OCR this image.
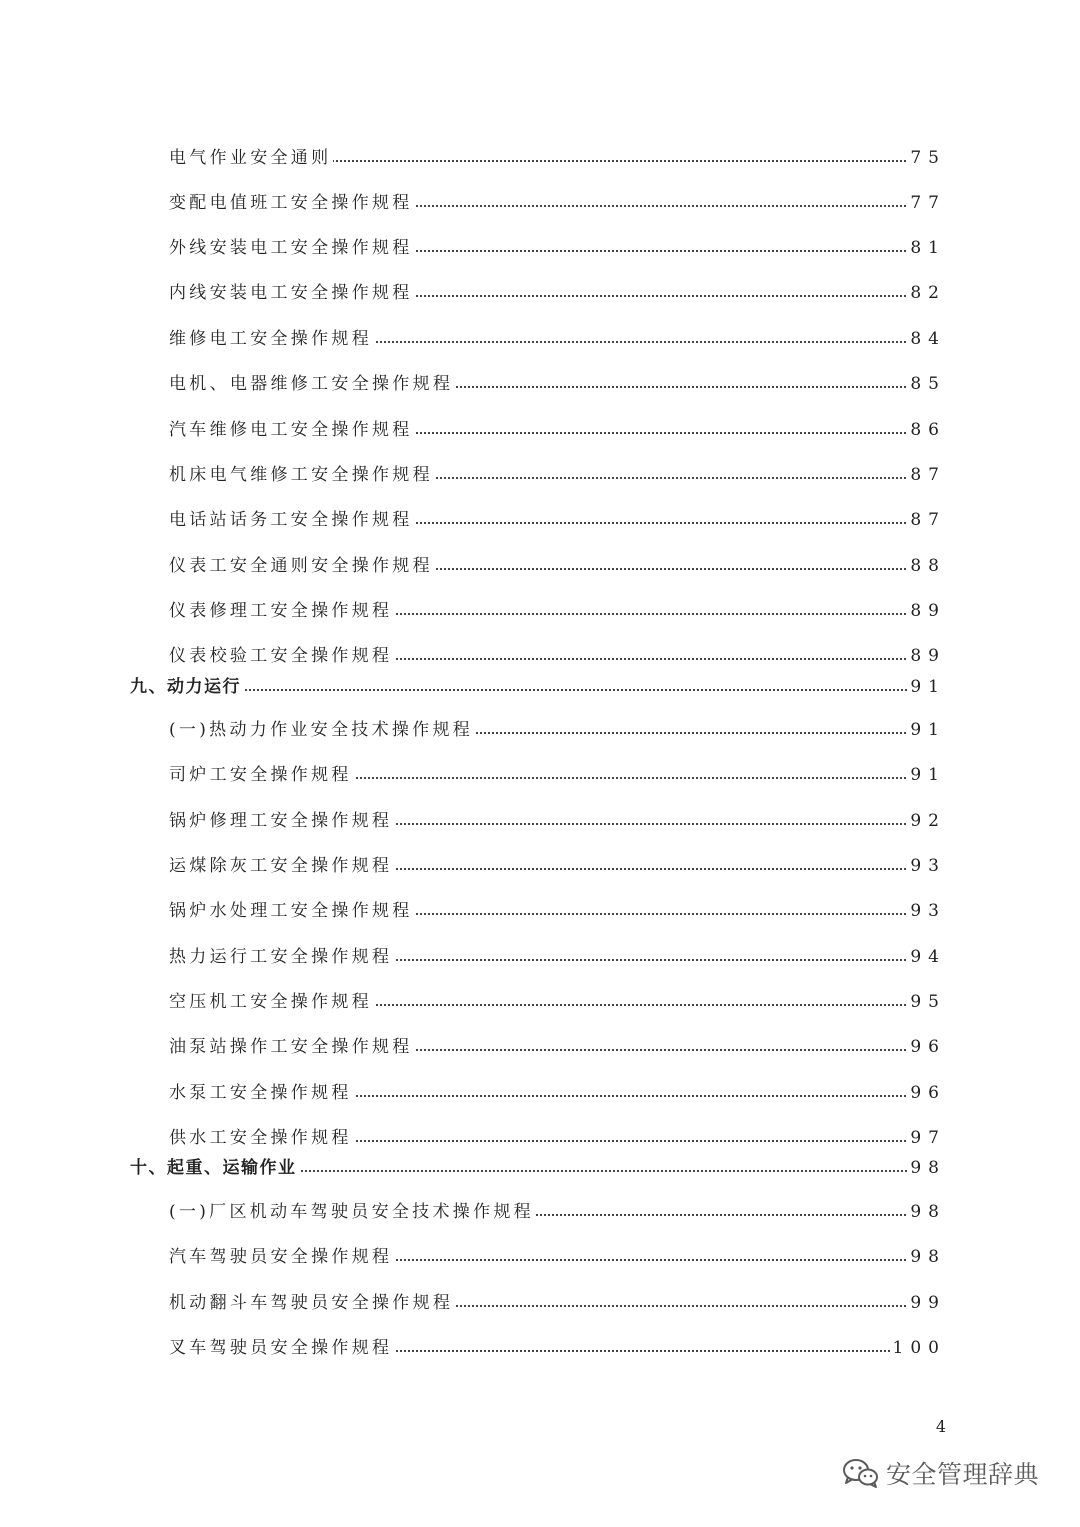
电气作业安全通则	75
变配电值班工安全操作规程	77
外线安装电工安全操作规程	81
内线安装电工安全操作规程	82
维修电工安全操作规程	84
电机、电器维修工安全操作规程	85
汽车维修电工安全操作规程	86
机床电气维修工安全操作规程	87
电话站话务工安全操作规程	87
仪表工安全通则安全操作规程	88
仪表修理工安全操作规程	89
仪表校验工安全操作规程	89
九、动力运行	91
(一)热动力作业安全技术操作规程	91
司炉工安全操作规程	91
锅炉修理工安全操作规程	92
运煤除灰工安全操作规程	93
锅炉水处理工安全操作规程	93
热力运行工安全操作规程	94
空压机工安全操作规程	95
油泵站操作工安全操作规程	96
水泵工安全操作规程	96
供水工安全操作规程	97
十、起重、运输作业	98
(一)厂区机动车驾驶员安全技术操作规程	98
汽车驾驶员安全操作规程	98
机动翻斗车驾驶员安全操作规程	99
叉车驾驶员安全操作规程	100
4
安全管理辞典
